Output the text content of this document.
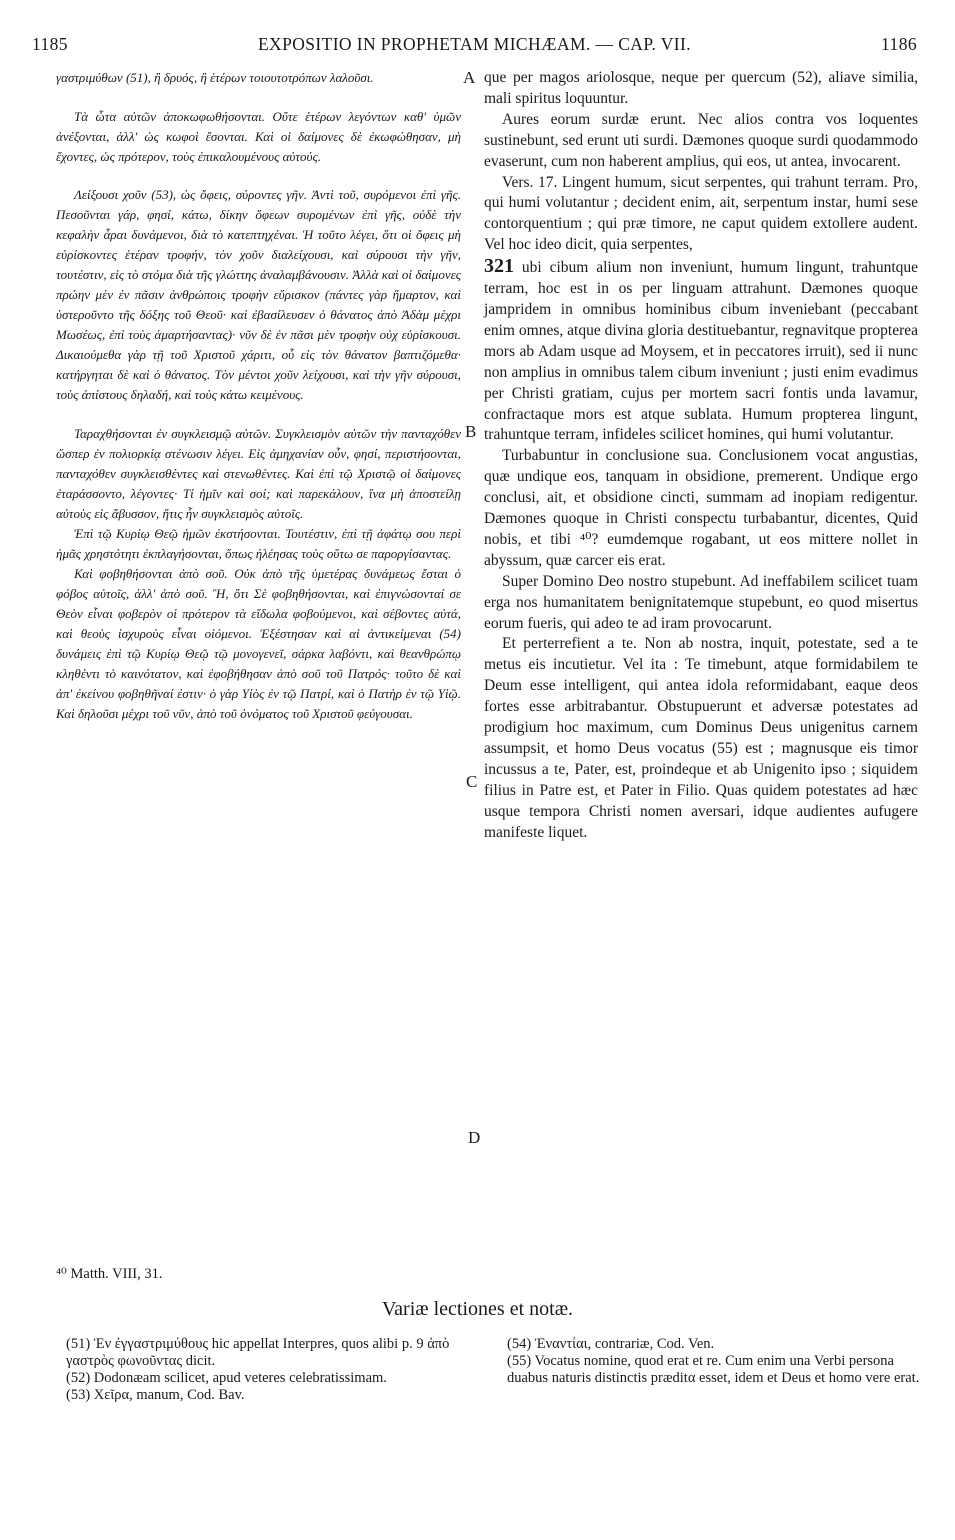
1185	EXPOSITIO IN PROPHETAM MICHÆAM. — CAP. VII.	1186
A
B
C
D

γαστριμύθων (51), ἢ δρυός, ἢ ἑτέρων τοιουτοτρόπων λαλοῦσι.

Τὰ ὦτα αὐτῶν ἀποκωφωθήσονται. Οὔτε ἑτέρων λεγόντων καθ' ὑμῶν ἀνέξονται, ἀλλ' ὡς κωφοὶ ἔσονται. Καὶ οἱ δαίμονες δὲ ἐκωφώθησαν, μὴ ἔχοντες, ὡς πρότερον, τοὺς ἐπικαλουμένους αὐτούς.

Λείξουσι χοῦν (53), ὡς ὄφεις, σύροντες γῆν. Ἀντὶ τοῦ, συρόμενοι ἐπὶ γῆς. Πεσοῦνται γάρ, φησί, κάτω, δίκην ὄφεων συρομένων ἐπὶ γῆς, οὐδὲ τὴν κεφαλὴν ἆραι δυνάμενοι, διὰ τὸ κατεπτηχέναι. Ἡ τοῦτο λέγει, ὅτι οἱ ὄφεις μὴ εὑρίσκοντες ἑτέραν τροφήν, τὸν χοῦν διαλείχουσι, καὶ σύρουσι τὴν γῆν, τουτέστιν, εἰς τὸ στόμα διὰ τῆς γλώττης ἀναλαμβάνουσιν. Ἀλλὰ καὶ οἱ δαίμονες πρώην μὲν ἐν πᾶσιν ἀνθρώποις τροφὴν εὕρισκον (πάντες γὰρ ἥμαρτον, καὶ ὑστεροῦντο τῆς δόξης τοῦ Θεοῦ· καὶ ἐβασίλευσεν ὁ θάνατος ἀπὸ Ἀδὰμ μέχρι Μωσέως, ἐπὶ τοὺς ἁμαρτήσαντας)· νῦν δὲ ἐν πᾶσι μὲν τροφὴν οὐχ εὑρίσκουσι. Δικαιούμεθα γὰρ τῇ τοῦ Χριστοῦ χάριτι, οὗ εἰς τὸν θάνατον βαπτιζόμεθα· κατήργηται δὲ καὶ ὁ θάνατος. Τὸν μέντοι χοῦν λείχουσι, καὶ τὴν γῆν σύρουσι, τοὺς ἀπίστους δηλαδή, καὶ τοὺς κάτω κειμένους.

Ταραχθήσονται ἐν συγκλεισμῷ αὐτῶν. Συγκλεισμὸν αὐτῶν τὴν πανταχόθεν ὥσπερ ἐν πολιορκίᾳ στένωσιν λέγει. Εἰς ἀμηχανίαν οὖν, φησί, περιστήσονται, πανταχόθεν συγκλεισθέντες καὶ στενωθέντες. Καὶ ἐπὶ τῷ Χριστῷ οἱ δαίμονες ἐταράσσοντο, λέγοντες· Τί ἡμῖν καὶ σοί; καὶ παρεκάλουν, ἵνα μὴ ἀποστείλῃ αὐτοὺς εἰς ἄβυσσον, ἥτις ἦν συγκλεισμὸς αὐτοῖς.

Ἐπὶ τῷ Κυρίῳ Θεῷ ἡμῶν ἐκστήσονται. Τουτέστιν, ἐπὶ τῇ ἀφάτῳ σου περὶ ἡμᾶς χρηστότητι ἐκπλαγήσονται, ὅπως ἠλέησας τοὺς οὕτω σε παροργίσαντας.

Καὶ φοβηθήσονται ἀπὸ σοῦ. Οὐκ ἀπὸ τῆς ὑμετέρας δυνάμεως ἔσται ὁ φόβος αὐτοῖς, ἀλλ' ἀπὸ σοῦ. Ἢ, ὅτι Σὲ φοβηθήσονται, καὶ ἐπιγνώσονταί σε Θεὸν εἶναι φοβερὸν οἱ πρότερον τὰ εἴδωλα φοβούμενοι, καὶ σέβοντες αὐτά, καὶ θεοὺς ἰσχυροὺς εἶναι οἰόμενοι. Ἐξέστησαν καὶ αἱ ἀντικείμεναι (54) δυνάμεις ἐπὶ τῷ Κυρίῳ Θεῷ τῷ μονογενεῖ, σάρκα λαβόντι, καὶ θεανθρώπῳ κληθέντι τὸ καινότατον, καὶ ἐφοβήθησαν ἀπὸ σοῦ τοῦ Πατρός· τοῦτο δὲ καὶ ἀπ' ἐκείνου φοβηθῆναί ἐστιν· ὁ γὰρ Υἱὸς ἐν τῷ Πατρί, καὶ ὁ Πατὴρ ἐν τῷ Υἱῷ. Καὶ δηλοῦσι μέχρι τοῦ νῦν, ἀπὸ τοῦ ὀνόματος τοῦ Χριστοῦ φεύγουσαι.

que per magos ariolosque, neque per quercum (52), aliave similia, mali spiritus loquuntur.

Aures eorum surdæ erunt. Nec alios contra vos loquentes sustinebunt, sed erunt uti surdi. Dæmones quoque surdi quodammodo evaserunt, cum non haberent amplius, qui eos, ut antea, invocarent.

Vers. 17. Lingent humum, sicut serpentes, qui trahunt terram. Pro, qui humi volutantur ; decident enim, ait, serpentum instar, humi sese contorquentium ; qui præ timore, ne caput quidem extollere audent. Vel hoc ideo dicit, quia serpentes,

321 ubi cibum alium non inveniunt, humum lingunt, trahuntque terram, hoc est in os per linguam attrahunt. Dæmones quoque jampridem in omnibus hominibus cibum inveniebant (peccabant enim omnes, atque divina gloria destituebantur, regnavitque propterea mors ab Adam usque ad Moysem, et in peccatores irruit), sed ii nunc non amplius in omnibus talem cibum inveniunt ; justi enim evadimus per Christi gratiam, cujus per mortem sacri fontis unda lavamur, confractaque mors est atque sublata. Humum propterea lingunt, trahuntque terram, infideles scilicet homines, qui humi volutantur.

Turbabuntur in conclusione sua. Conclusionem vocat angustias, quæ undique eos, tanquam in obsidione, premerent. Undique ergo conclusi, ait, et obsidione cincti, summam ad inopiam redigentur. Dæmones quoque in Christi conspectu turbabantur, dicentes, Quid nobis, et tibi ⁴⁰? eumdemque rogabant, ut eos mittere nollet in abyssum, quæ carcer eis erat.

Super Domino Deo nostro stupebunt. Ad ineffabilem scilicet tuam erga nos humanitatem benignitatemque stupebunt, eo quod misertus eorum fueris, qui adeo te ad iram provocarunt.

Et perterrefient a te. Non ab nostra, inquit, potestate, sed a te metus eis incutietur. Vel ita : Te timebunt, atque formidabilem te Deum esse intelligent, qui antea idola reformidabant, eaque deos fortes esse arbitrabantur. Obstupuerunt et adversæ potestates ad prodigium hoc maximum, cum Dominus Deus unigenitus carnem assumpsit, et homo Deus vocatus (55) est ; magnusque eis timor incussus a te, Pater, est, proindeque et ab Unigenito ipso ; siquidem filius in Patre est, et Pater in Filio. Quas quidem potestates ad hæc usque tempora Christi nomen aversari, idque audientes aufugere manifeste liquet.

⁴⁰ Matth. VIII, 31.
Variæ lectiones et notæ.

(51) Ἐν ἐγγαστριμύθους hic appellat Interpres, quos alibi p. 9 ἀπὸ γαστρὸς φωνοῦντας dicit.

(52) Dodonæam scilicet, apud veteres celebratissimam.

(53) Χεῖρα, manum, Cod. Bav.

(54) Ἐναντίαι, contrariæ, Cod. Ven.

(55) Vocatus nomine, quod erat et re. Cum enim una Verbi persona duabus naturis distinctis præditα esset, idem et Deus et homo vere erat.
